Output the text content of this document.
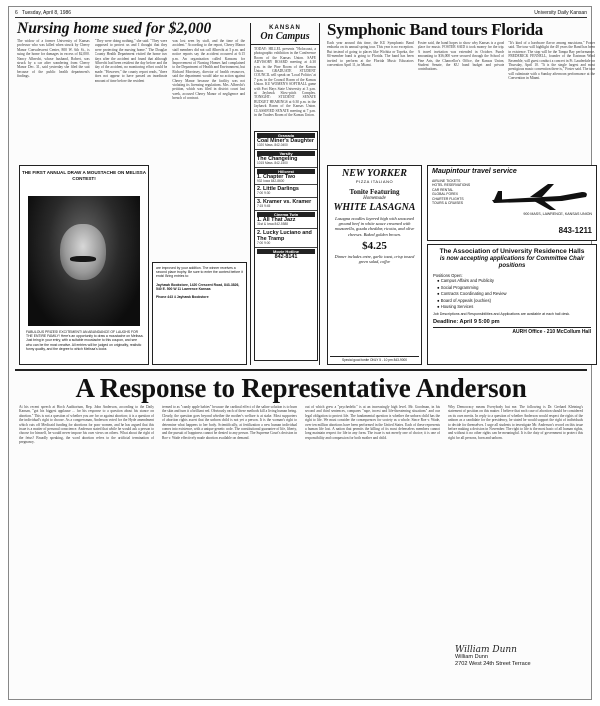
6 Tuesday, April 8, 1986	University Daily Kansan
Nursing home sued for $2,000
The widow of a former University of Kansas professor who was killed when struck by Cherry Manor Convalescent Center, 800 W. 6th St., is suing the home for damages in excess of $2,000. Nancy Albrecht, whose husband, Robert, was struck by a car after wandering from Cherry Manor Dec. 31, said yesterday she filed the suit because of the public health department's findings.
"They were doing nothing," she said. "They were supposed to protect us and I thought that they were protecting the nursing home." The Douglas County Health Department visited the home two days after the accident and found that although Albrecht had been resident the day before and the day of the accident, no monitoring effort could be made. "However," the county report reads, "there does not appear to have passed an inordinate amount of time before the resident
was lost seen by staff, and the time of the accident." According to the report, Cherry Manor staff members did not call Albrecht at 5 p.m. and notice reports say the accident occurred at 6:15 p.m. An organization called Kansans for Improvement of Nursing Homes had complained to the Department of Health and Environment, but Richard Morrissey, director of health resources, said the department would take no action against Cherry Manor because the facility was not violating its licensing regulations. Mrs. Albrecht's petition, which was filed in district court last week, accused Cherry Manor of negligence and breach of contract.
THE FIRST ANNUAL DRAW A MOUSTACHE ON MELISSA CONTEST!
FABULOUS PRIZES! EXCITEMENT! AN ABUNDANCE OF LAUGHS FOR THE ENTIRE FAMILY! Here's an opportunity to draw a moustache on Melissa. Just bring in your entry, with a suitable moustache to this coupon, and see who can be the most creative. All entries will be judged on originality, realistic funny quality, and the degree to which Melissa's looks
are improved by your addition. The winner receives a second place trophy. Be sure to enter the contest before it ends! Bring entries to:
Jayhawk Bookstore, 1420 Crescent Road, 843-3826, 540 E. 500 W 11 Lawrence Kansas
Phone 443 4 Jayhawk Bookstore
KANSAN
On Campus
TODAY: HILLEL presents "Holocaust, a photographic exhibition in the Conference Room of the Kansas Union. SAFE ADVISORY BOARD meeting at 4:30 p.m. in the Pine Room of the Kansas Union. GRADUATE STUDENT COUNCIL will speak on 'Local Politics' at 7 p.m. in the Council Room of the Kansas Union. KU WOMEN'S SOFTBALL game with Fort Hays State University at 3 p.m. at Jayhawk Slow-pitch Complex. TONIGHT: STUDENT SENATE BUDGET HEARINGS at 6:30 p.m. in the Jayhawk Room of the Kansas Union. CLASSIFIED SENATE meeting at 7 p.m. in the Traders Room of the Kansas Union.
Granada
Coal Miner's Daughter
1020 Mass. 842-0400
Varsity
The Changeling
1015 Mass. 842-1500
Hillcrest
1. Chapter Two
932 Iowa 842-8600
2. Little Darlings
7:00 9:30
3. Kramer vs. Kramer
7:15 9:45
Cinema Twin
1. All That Jazz
31st & Iowa 842-5588
2. Lucky Luciano and The Tramp
7:00 9:00
Movie Hotline
842-8141
Symphonic Band tours Florida
Each year around this time, the KU Symphonic Band embarks on its annual spring tour. This year is no exception. But instead of going to places like Wichita or Topeka, the 84-member band is going to Florida. The band has been invited to perform at the Florida Music Educators convention April 11, in Miami.
Foster said, the band hopes to show why Kansas is a good place for music. FOSTER SAID it took money for the trip. A travel invitation was extended in October. Funds amounting to $36,000 were secured through the School of Fine Arts, the Chancellor's Office, the Kansas Union, Student Senate, the KU band budget and private contributions.
"It's kind of a hardware flavor among musicians," Foster said. The tour will highlight the 40 years the Band has been in existence. The stop will be the Tampa Bay performance. FREDERICK FENNELL, founder of the Eastman Wind Ensemble, will guest conduct a concert in Ft. Lauderdale on Thursday, April 10. "It is the single largest and most prestigious music convention there is," Foster said. The tour will culminate with a Sunday afternoon performance at the Convention in Miami.
NEW YORKER
PIZZA ITALIANO
Tonite Featuring
Homemade
WHITE LASAGNA
Lasagna noodles layered high with seasoned ground beef in white sauce creamed with mozzarella, gouda cheddar, ricotta, and olive cheeses. Baked golden brown.
$4.25
Dinner includes entre, garlic toast, crisp tossed green salad, coffee
Special good tonite ONLY 5 - 10 pm 843-9000
Maupintour travel service
AIRLINE TICKETS
HOTEL RESERVATIONS
CAR RENTAL
GLOBAL FOREX
CHARTER FLIGHTS
TOURS & CRUISES
900 MASS, LAWRENCE, KANSAS UNION
843-1211
The Association of University Residence Halls
is now accepting applications for Committee Chair positions
Positions Open:
● Campus Affairs and Publicity
● Social Programming
● Contracts Coordinating and Review
● Board of Appeals (ouchies)
● Housing Services
Job Descriptions and Responsibilities and Applications are available at each hall desk.
Deadline: April 9 5:00 pm
AURH Office - 210 McCollum Hall
A Response to Representative Anderson
At his recent speech at Hoch Auditorium, Rep. John Anderson, according to the Daily Kansan, "got his biggest applause ... for his response to a question about his stance on abortion." This is not a question of whether you are for or against abortion; it is a question of the individual's right to choose. As a congressman, Anderson voted for the Hyde amendment which cuts off Medicaid funding for abortions for poor women, and he has argued that this issue is a matter of personal conscience. Anderson stated that while he would ask a person to choose for himself, he would never impose his own views on others. What about the right of the fetus? Broadly speaking, the word abortion refers to the artificial termination of pregnancy.
termed to as "candy apple babies" because the cardinal effect of the saline solution is to burn the skin and turn it a brilliant red. Obviously each of these methods kill a living human being. Clearly, the question goes beyond whether the mother's welfare is at stake. Most supporters of abortion rights assert that the unborn child is not yet a person. It is the woman's right to determine what happens to her body. Scientifically, at fertilization a new human individual comes into existence, with a unique genetic code. The constitutional guarantee of life, liberty, and the pursuit of happiness cannot be denied to any person. The Supreme Court's decision in Roe v. Wade effectively made abortion available on demand.
out of which grew a "psychedelic" is at an increasingly high level. Mr. Goodman, in his second and third sentences, compares "rape, incest and life-threatening situations" and our legal obligation to protect life. The fundamental question is whether the unborn child has the right to life. We must consider the consequences for society as a whole. Since Roe v. Wade, over ten million abortions have been performed in the United States. Each of these represents a human life lost. A nation that permits the killing of its most defenseless members cannot long maintain respect for life in any form. The issue is not merely one of choice; it is one of responsibility and compassion for both mother and child.
Why Democracy means Everybody but me. The following is Dr. Gerhard Kleining's statement of position on this matter. I believe that each case of abortion should be considered on its own merits. In reply to a question of whether Anderson would respect the rights of the unborn as a candidate for the presidency, he stated he would support the right of individuals to decide for themselves. I urge all students to investigate Mr. Anderson's record on this issue before making a decision in November. The right to life is the most basic of all human rights, and without it no other rights can be meaningful. It is the duty of government to protect this right for all persons, born and unborn.
William Dunn
William Dunn
2702 West 24th Street Terrace
